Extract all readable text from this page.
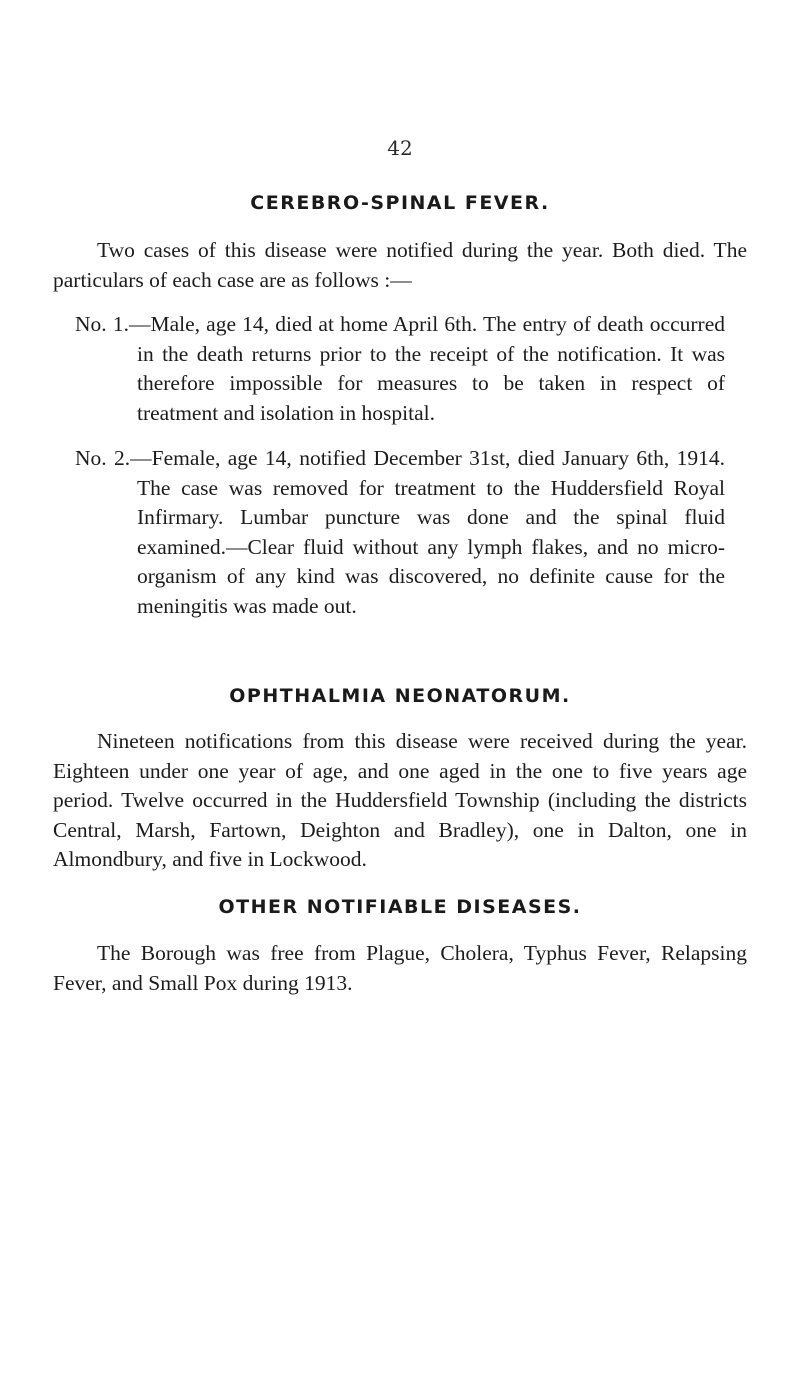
42
CEREBRO-SPINAL FEVER.
Two cases of this disease were notified during the year. Both died. The particulars of each case are as follows :—
No. 1.—Male, age 14, died at home April 6th. The entry of death occurred in the death returns prior to the receipt of the notification. It was therefore impossible for measures to be taken in respect of treatment and isolation in hospital.
No. 2.—Female, age 14, notified December 31st, died January 6th, 1914. The case was removed for treatment to the Huddersfield Royal Infirmary. Lumbar puncture was done and the spinal fluid examined.—Clear fluid without any lymph flakes, and no micro-organism of any kind was discovered, no definite cause for the meningitis was made out.
OPHTHALMIA NEONATORUM.
Nineteen notifications from this disease were received during the year. Eighteen under one year of age, and one aged in the one to five years age period. Twelve occurred in the Huddersfield Township (including the districts Central, Marsh, Fartown, Deighton and Bradley), one in Dalton, one in Almondbury, and five in Lockwood.
OTHER NOTIFIABLE DISEASES.
The Borough was free from Plague, Cholera, Typhus Fever, Relapsing Fever, and Small Pox during 1913.
